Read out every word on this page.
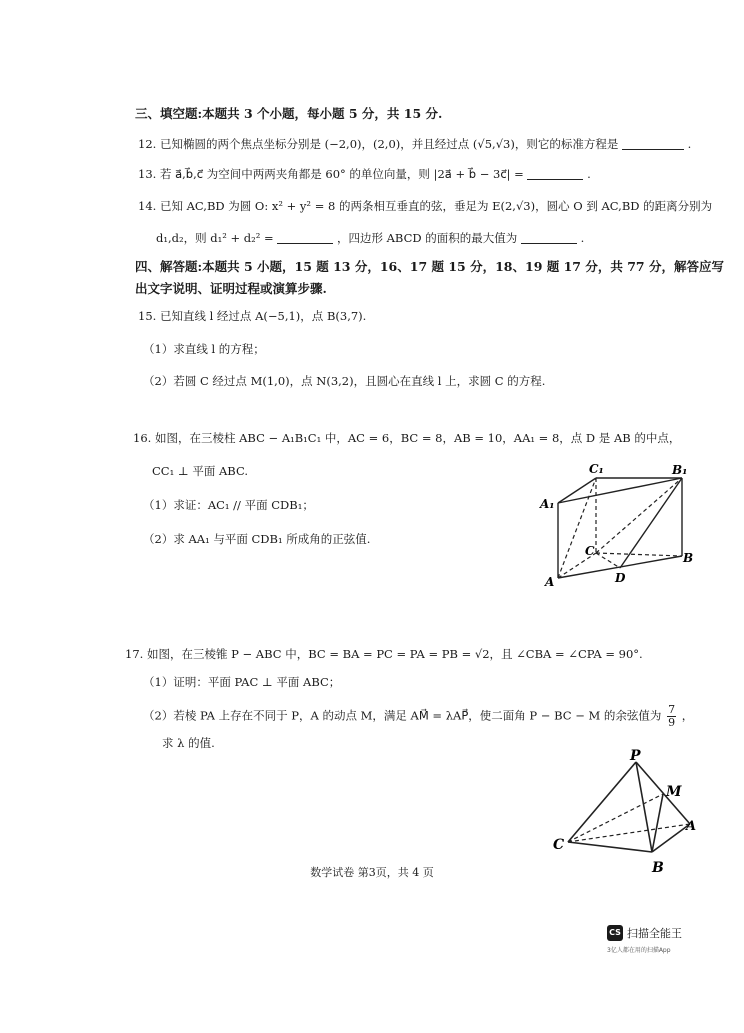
三、填空题:本题共 3 个小题，每小题 5 分，共 15 分.
12. 已知椭圆的两个焦点坐标分别是 (−2,0)，(2,0)，并且经过点 (√5,√3)，则它的标准方程是	.
13. 若 a⃗,b⃗,c⃗ 为空间中两两夹角都是 60° 的单位向量，则 |2a⃗ + b⃗ − 3c⃗| =	.
14. 已知 AC,BD 为圆 O: x² + y² = 8 的两条相互垂直的弦，垂足为 E(2,√3)，圆心 O 到 AC,BD 的距离分别为
d₁,d₂，则 d₁² + d₂² =	，四边形 ABCD 的面积的最大值为	.
四、解答题:本题共 5 小题，15 题 13 分，16、17 题 15 分，18、19 题 17 分，共 77 分，解答应写
出文字说明、证明过程或演算步骤.
15. 已知直线 l 经过点 A(−5,1)，点 B(3,7).
（1）求直线 l 的方程；
（2）若圆 C 经过点 M(1,0)，点 N(3,2)，且圆心在直线 l 上，求圆 C 的方程.
16. 如图，在三棱柱 ABC − A₁B₁C₁ 中，AC = 6，BC = 8，AB = 10，AA₁ = 8，点 D 是 AB 的中点，
CC₁ ⊥ 平面 ABC.
（1）求证：AC₁ // 平面 CDB₁；
（2）求 AA₁ 与平面 CDB₁ 所成角的正弦值.
C₁	B₁
A₁
C	B
A	D
17. 如图，在三棱锥 P − ABC 中，BC = BA = PC = PA = PB = √2，且 ∠CBA = ∠CPA = 90°.
（1）证明：平面 PAC ⊥ 平面 ABC；
（2）若棱 PA 上存在不同于 P，A 的动点 M，满足 AM⃗ = λAP⃗，使二面角 P − BC − M 的余弦值为 $\frac{7}{9}$ ，
求 λ 的值.
P
M
C
B
A
数学试卷 第3页，共 4 页
CS 扫描全能王
3亿人都在用的扫描App
